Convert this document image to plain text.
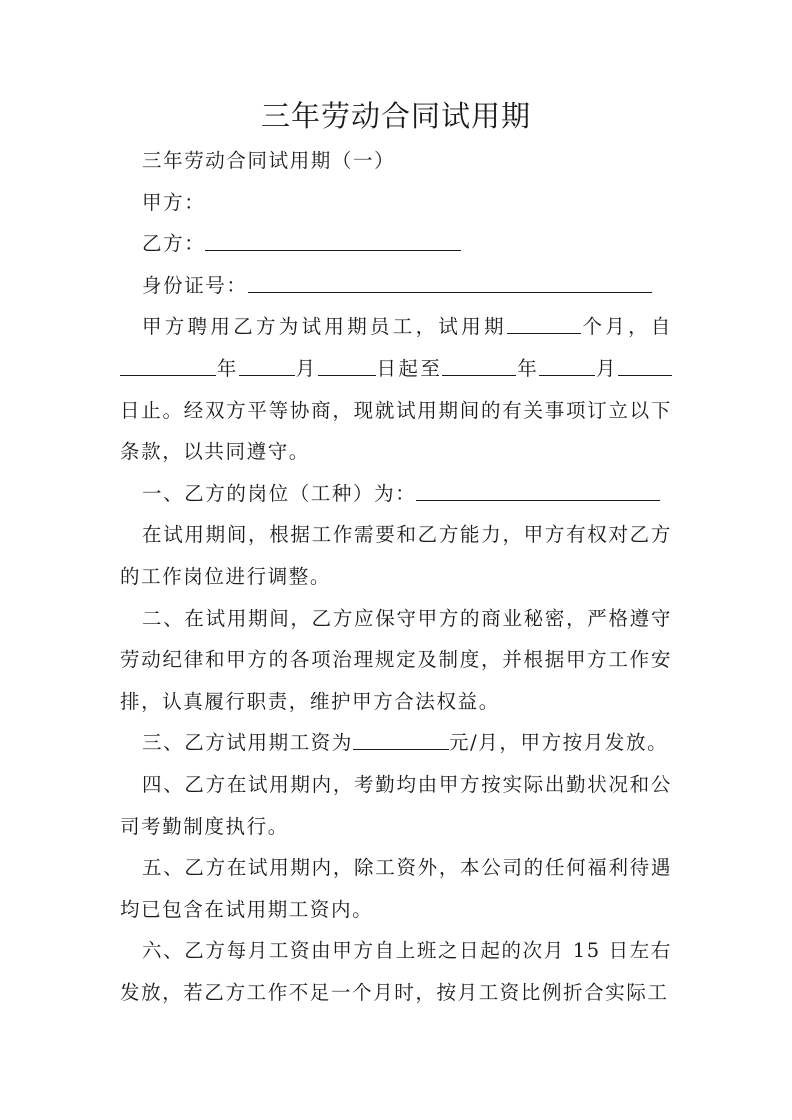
三年劳动合同试用期

三年劳动合同试用期（一）

甲方：

乙方：

身份证号：

甲方聘用乙方为试用期员工，试用期	个月，自年	月	日起至	年	月日止。经双方平等协商，现就试用期间的有关事项订立以下条款，以共同遵守。

一、乙方的岗位（工种）为：

在试用期间，根据工作需要和乙方能力，甲方有权对乙方的工作岗位进行调整。

二、在试用期间，乙方应保守甲方的商业秘密，严格遵守劳动纪律和甲方的各项治理规定及制度，并根据甲方工作安排，认真履行职责，维护甲方合法权益。

三、乙方试用期工资为	元/月，甲方按月发放。

四、乙方在试用期内，考勤均由甲方按实际出勤状况和公司考勤制度执行。

五、乙方在试用期内，除工资外，本公司的任何福利待遇均已包含在试用期工资内。

六、乙方每月工资由甲方自上班之日起的次月 15 日左右发放，若乙方工作不足一个月时，按月工资比例折合实际工
